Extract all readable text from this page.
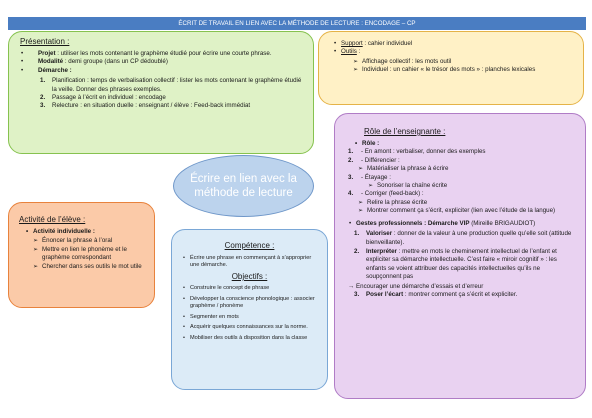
ÉCRIT DE TRAVAIL EN LIEN AVEC LA MÉTHODE DE LECTURE : ENCODAGE – CP
Présentation :
• Projet : utiliser les mots contenant le graphème étudié pour écrire une courte phrase.
• Modalité : demi groupe (dans un CP dédoublé)
• Démarche :
1. Planification : temps de verbalisation collectif : lister les mots contenant le graphème étudié la veille. Donner des phrases exemples.
2. Passage à l’écrit en individuel : encodage
3. Relecture : en situation duelle : enseignant / élève : Feed-back immédiat
• Support : cahier individuel
• Outils :
➢ Affichage collectif : les mots outil
➢ Individuel : un cahier « le trésor des mots » : planches lexicales
Écrire en lien avec la méthode de lecture
Activité de l’élève :
• Activité individuelle :
➢ Énoncer la phrase à l’oral
➢ Mettre en lien le phonème et le graphème correspondant
➢ Chercher dans ses outils le mot utile
Compétence :
• Écrire une phrase en commençant à s’approprier une démarche.
Objectifs :
• Construire le concept de phrase
• Développer la conscience phonologique : associer graphème / phonème
• Segmenter en mots
• Acquérir quelques connaissances sur la norme.
• Mobiliser des outils à disposition dans la classe
Rôle de l’enseignante :
• Rôle :
1. - En amont : verbaliser, donner des exemples
2. - Différencier :
➢ Matérialiser la phrase à écrire
3. - Étayage :
➢ Sonoriser la chaîne écrite
4. - Corriger (feed-back) :
➢ Relire la phrase écrite
➢ Montrer comment ça s’écrit, expliciter (lien avec l’étude de la langue)
• Gestes professionnels : Démarche VIP (Mireille BRIGAUDIOT)
1. Valoriser : donner de la valeur à une production quelle qu’elle soit (attitude bienveillante).
2. Interpréter : mettre en mots le cheminement intellectuel de l’enfant et expliciter sa démarche intellectuelle. C’est faire « miroir cognitif » : les enfants se voient attribuer des capacités intellectuelles qu’ils ne soupçonnent pas
→ Encourager une démarche d’essais et d’erreur
3. Poser l’écart : montrer comment ça s’écrit et expliciter.
